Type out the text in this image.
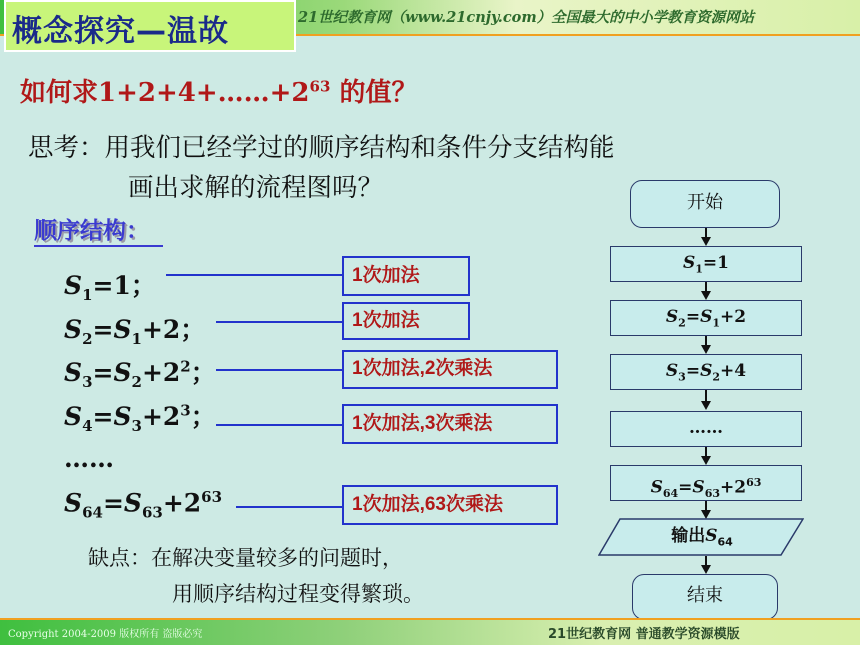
概念探究—温故	21世纪教育网（www.21cnjy.com）全国最大的中小学教育资源网站
如何求$1+2+4+\dots\dots+2^{63}$ 的值？
思考：用我们已经学过的顺序结构和条件分支结构能
画出求解的流程图吗？
顺序结构：
$S_1=1$；
$S_2=S_1+2$；
$S_3=S_2+2^2$；
$S_4=S_3+2^3$；
……
$S_{64}=S_{63}+2^{63}$
1次加法
1次加法
1次加法,2次乘法
1次加法,3次乘法
1次加法,63次乘法
缺点：在解决变量较多的问题时，
用顺序结构过程变得繁琐。
开始
$S_1=1$
$S_2=S_1+2$
$S_3=S_2+4$
……
$S_{64}=S_{63}+2^{63}$
输出$S_{64}$
结束
Copyright 2004-2009 版权所有 盗版必究	21世纪教育网 普通教学资源模版
